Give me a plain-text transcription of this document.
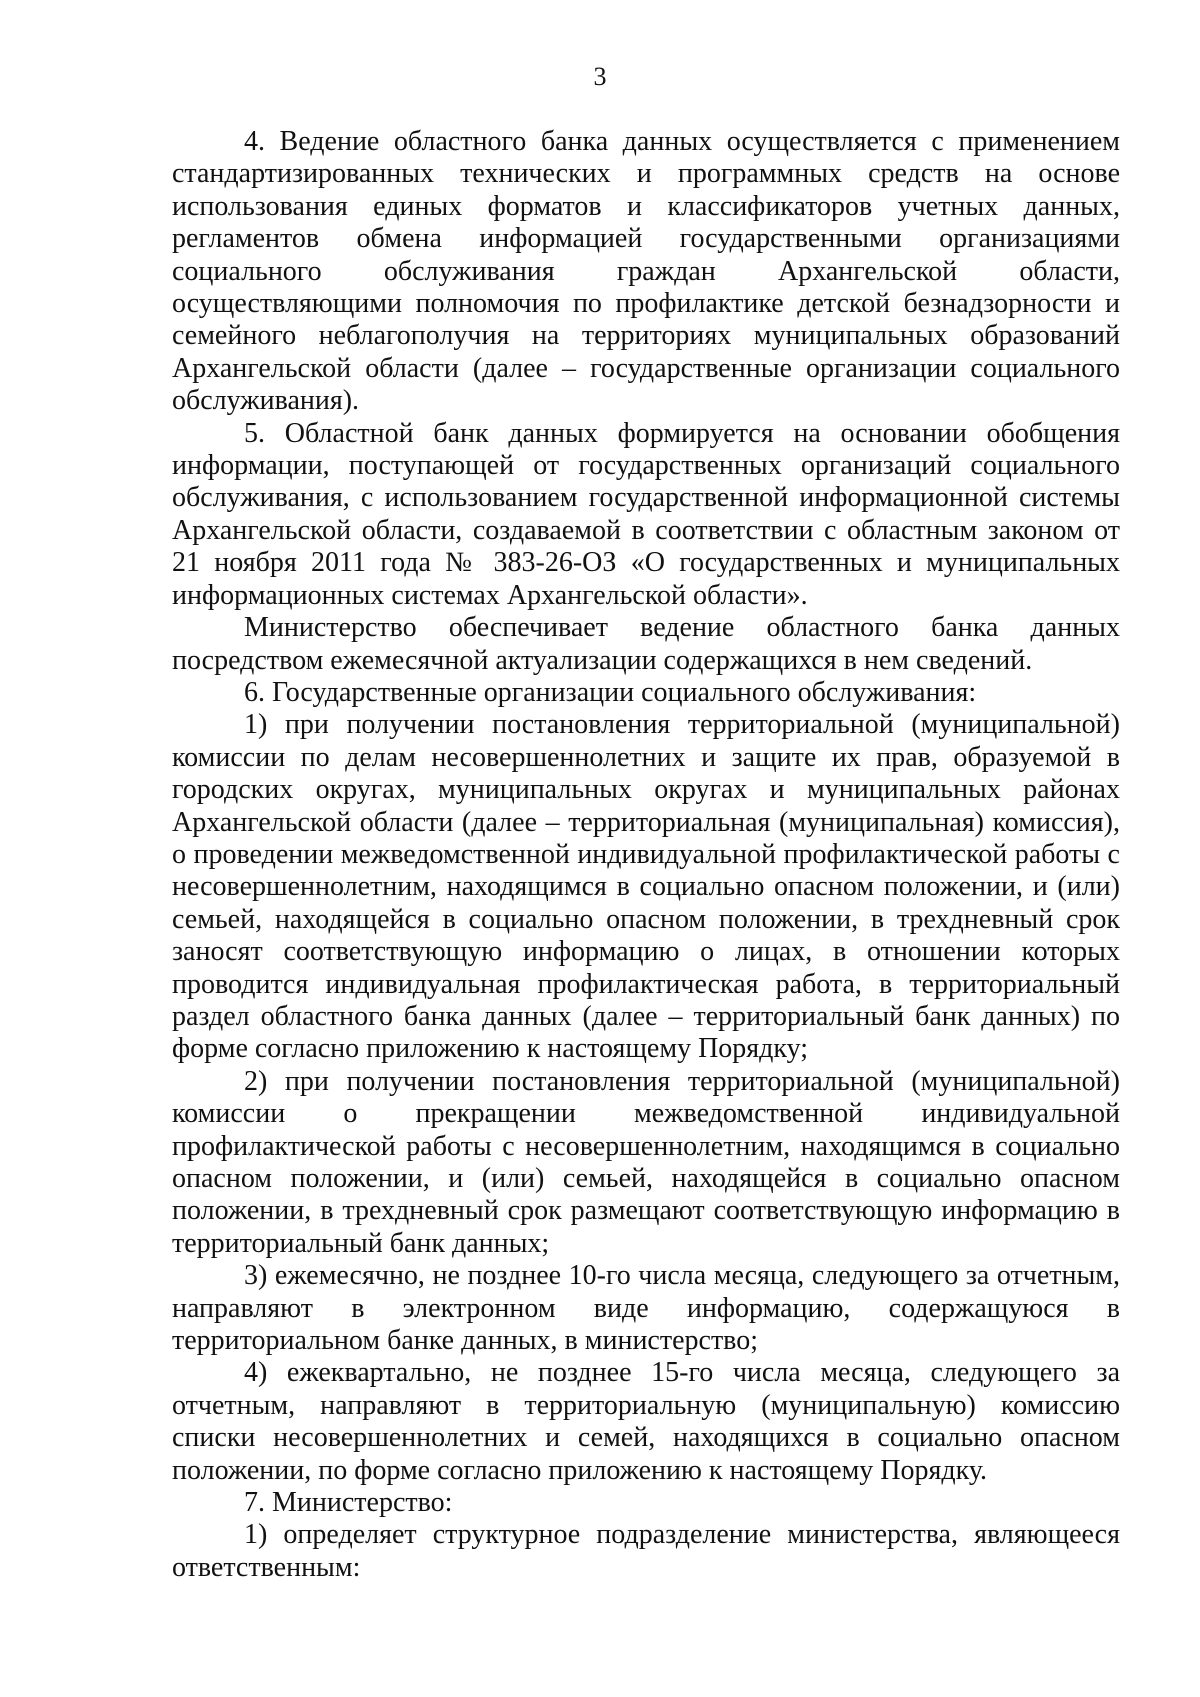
3

4. Ведение областного банка данных осуществляется с применением стандартизированных технических и программных средств на основе использования единых форматов и классификаторов учетных данных, регламентов обмена информацией государственными организациями социального обслуживания граждан Архангельской области, осуществляющими полномочия по профилактике детской безнадзорности и семейного неблагополучия на территориях муниципальных образований Архангельской области (далее – государственные организации социального обслуживания).

5. Областной банк данных формируется на основании обобщения информации, поступающей от государственных организаций социального обслуживания, с использованием государственной информационной системы Архангельской области, создаваемой в соответствии с областным законом от 21 ноября 2011 года № 383-26-ОЗ «О государственных и муниципальных информационных системах Архангельской области».

Министерство обеспечивает ведение областного банка данных посредством ежемесячной актуализации содержащихся в нем сведений.

6. Государственные организации социального обслуживания:

1) при получении постановления территориальной (муниципальной) комиссии по делам несовершеннолетних и защите их прав, образуемой в городских округах, муниципальных округах и муниципальных районах Архангельской области (далее – территориальная (муниципальная) комиссия), о проведении межведомственной индивидуальной профилактической работы с несовершеннолетним, находящимся в социально опасном положении, и (или) семьей, находящейся в социально опасном положении, в трехдневный срок заносят соответствующую информацию о лицах, в отношении которых проводится индивидуальная профилактическая работа, в территориальный раздел областного банка данных (далее – территориальный банк данных) по форме согласно приложению к настоящему Порядку;

2) при получении постановления территориальной (муниципальной) комиссии о прекращении межведомственной индивидуальной профилактической работы с несовершеннолетним, находящимся в социально опасном положении, и (или) семьей, находящейся в социально опасном положении, в трехдневный срок размещают соответствующую информацию в территориальный банк данных;

3) ежемесячно, не позднее 10-го числа месяца, следующего за отчетным, направляют в электронном виде информацию, содержащуюся в территориальном банке данных, в министерство;

4) ежеквартально, не позднее 15-го числа месяца, следующего за отчетным, направляют в территориальную (муниципальную) комиссию списки несовершеннолетних и семей, находящихся в социально опасном положении, по форме согласно приложению к настоящему Порядку.

7. Министерство:

1) определяет структурное подразделение министерства, являющееся ответственным:
